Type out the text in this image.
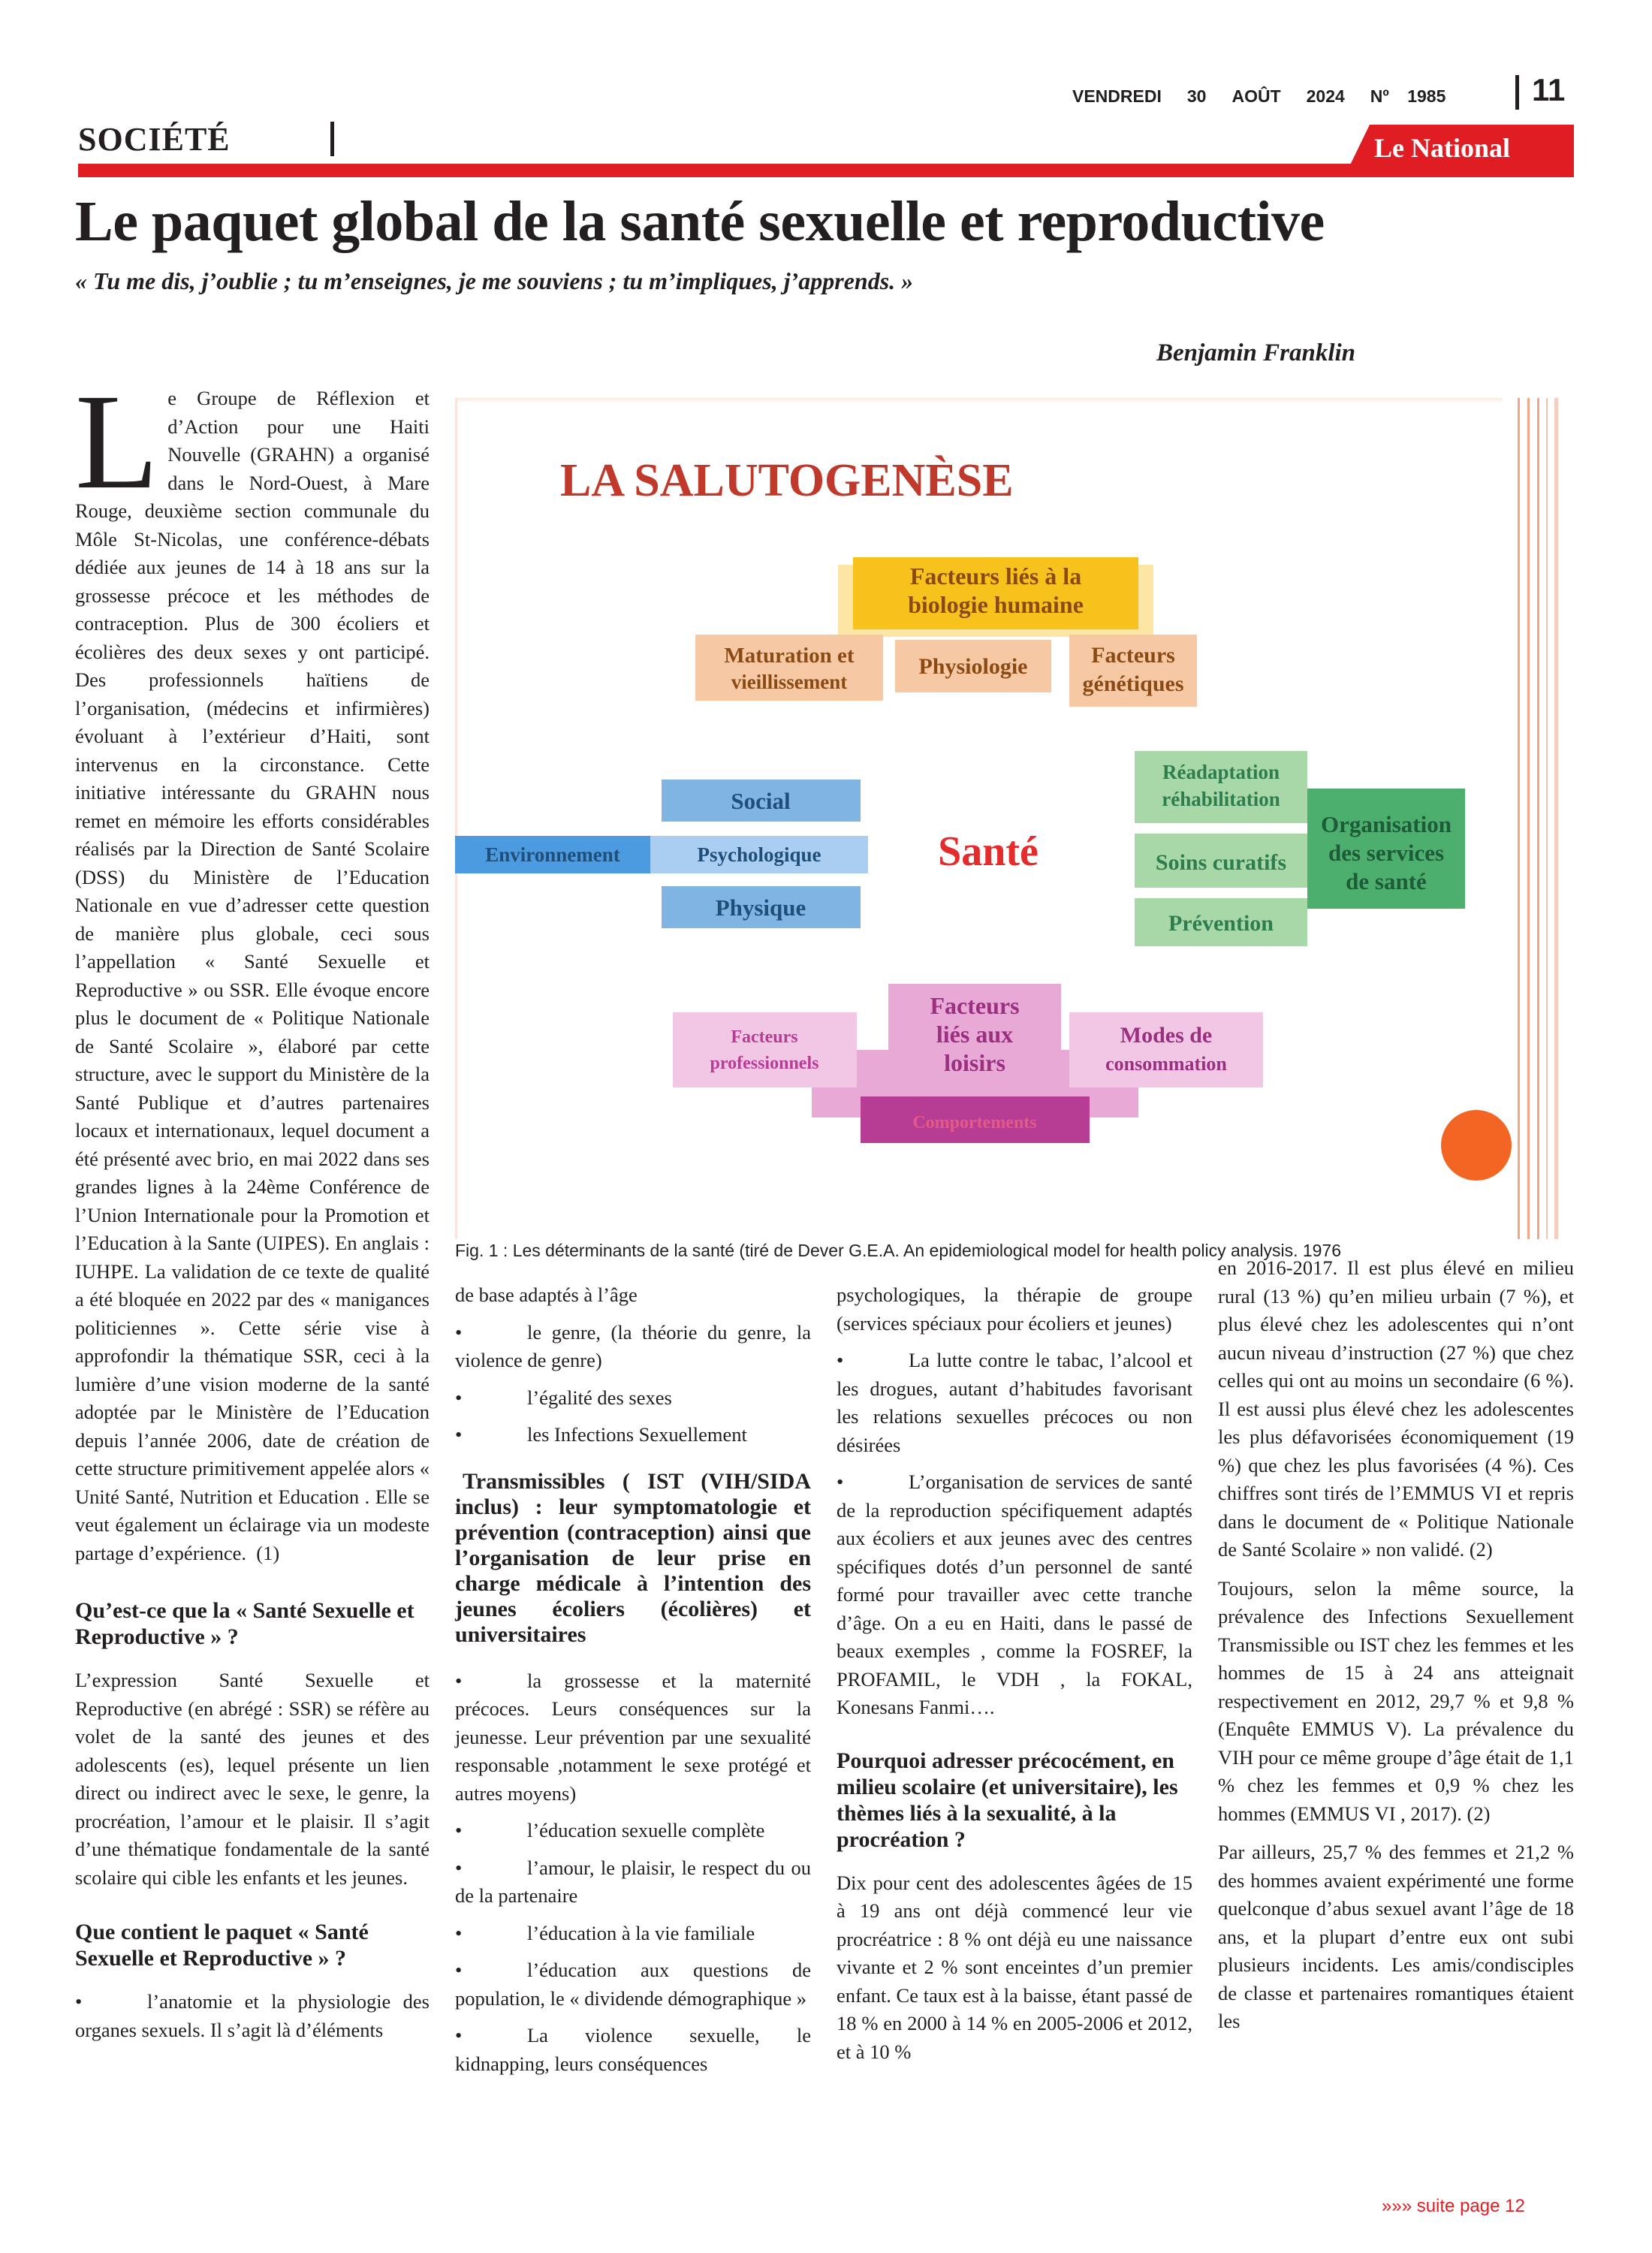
SOCIÉTÉ
VENDREDI 30 AOÛT 2024 Nº 1985	11
Le National
Le paquet global de la santé sexuelle et reproductive
« Tu me dis, j’oublie ; tu m’enseignes, je me souviens ; tu m’impliques, j’apprends. »
Benjamin Franklin

Le Groupe de Réflexion et d’Action pour une Haiti Nouvelle (GRAHN) a organisé dans le Nord-Ouest, à Mare Rouge, deuxième section communale du Môle St-Nicolas, une conférence-débats dédiée aux jeunes de 14 à 18 ans sur la grossesse précoce et les méthodes de contraception. Plus de 300 écoliers et écolières des deux sexes y ont participé. Des professionnels haïtiens de l’organisation, (médecins et infirmières) évoluant à l’extérieur d’Haiti, sont intervenus en la circonstance. Cette initiative intéressante du GRAHN nous remet en mémoire les efforts considérables réalisés par la Direction de Santé Scolaire (DSS) du Ministère de l’Education Nationale en vue d’adresser cette question de manière plus globale, ceci sous l’appellation « Santé Sexuelle et Reproductive » ou SSR. Elle évoque encore plus le document de « Politique Nationale de Santé Scolaire », élaboré par cette structure, avec le support du Ministère de la Santé Publique et d’autres partenaires locaux et internationaux, lequel document a été présenté avec brio, en mai 2022 dans ses grandes lignes à la 24ème Conférence de l’Union Internationale pour la Promotion et l’Education à la Sante (UIPES). En anglais : IUHPE. La validation de ce texte de qualité a été bloquée en 2022 par des « manigances politiciennes ». Cette série vise à approfondir la thématique SSR, ceci à la lumière d’une vision moderne de la santé adoptée par le Ministère de l’Education depuis l’année 2006, date de création de cette structure primitivement appelée alors « Unité Santé, Nutrition et Education . Elle se veut également un éclairage via un modeste partage d’expérience. (1)

Qu’est-ce que la « Santé Sexuelle et Reproductive » ?

L’expression Santé Sexuelle et Reproductive (en abrégé : SSR) se réfère au volet de la santé des jeunes et des adolescents (es), lequel présente un lien direct ou indirect avec le sexe, le genre, la procréation, l’amour et le plaisir. Il s’agit d’une thématique fondamentale de la santé scolaire qui cible les enfants et les jeunes.

Que contient le paquet « Santé Sexuelle et Reproductive » ?

•	l’anatomie et la physiologie des organes sexuels. Il s’agit là d’éléments

LA SALUTOGENÈSE
Facteurs liés à la
biologie humaine
Maturation et
vieillissement
Physiologie	Facteurs
génétiques
Social
Environnement	Psychologique
Physique
Santé
Réadaptation
réhabilitation
Soins curatifs
Prévention
Organisation
des services
de santé
Comportements
Facteurs
professionnels
Facteurs
liés aux
loisirs
Modes de
consommation
Fig. 1 : Les déterminants de la santé (tiré de Dever G.E.A. An epidemiological model for health policy analysis. 1976

de base adaptés à l’âge

•	le genre, (la théorie du genre, la violence de genre)

•	l’égalité des sexes

•	les Infections Sexuellement

Transmissibles ( IST (VIH/SIDA inclus) : leur symptomatologie et prévention (contraception) ainsi que l’organisation de leur prise en charge médicale à l’intention des jeunes écoliers (écolières) et universitaires

•	la grossesse et la maternité précoces. Leurs conséquences sur la jeunesse. Leur prévention par une sexualité responsable ,notamment le sexe protégé et autres moyens)

•	l’éducation sexuelle complète

•	l’amour, le plaisir, le respect du ou de la partenaire

•	l’éducation à la vie familiale

•	l’éducation aux questions de population, le « dividende démographique »

•	La violence sexuelle, le kidnapping, leurs conséquences

psychologiques, la thérapie de groupe (services spéciaux pour écoliers et jeunes)

•	La lutte contre le tabac, l’alcool et les drogues, autant d’habitudes favorisant les relations sexuelles précoces ou non désirées

•	L’organisation de services de santé de la reproduction spécifiquement adaptés aux écoliers et aux jeunes avec des centres spécifiques dotés d’un personnel de santé formé pour travailler avec cette tranche d’âge. On a eu en Haiti, dans le passé de beaux exemples , comme la FOSREF, la PROFAMIL, le VDH , la FOKAL, Konesans Fanmi….

Pourquoi adresser précocément, en milieu scolaire (et universitaire), les thèmes liés à la sexualité, à la procréation ?

Dix pour cent des adolescentes âgées de 15 à 19 ans ont déjà commencé leur vie procréatrice : 8 % ont déjà eu une naissance vivante et 2 % sont enceintes d’un premier enfant. Ce taux est à la baisse, étant passé de 18 % en 2000 à 14 % en 2005-2006 et 2012, et à 10 %

en 2016-2017. Il est plus élevé en milieu rural (13 %) qu’en milieu urbain (7 %), et plus élevé chez les adolescentes qui n’ont aucun niveau d’instruction (27 %) que chez celles qui ont au moins un secondaire (6 %). Il est aussi plus élevé chez les adolescentes les plus défavorisées économiquement (19 %) que chez les plus favorisées (4 %). Ces chiffres sont tirés de l’EMMUS VI et repris dans le document de « Politique Nationale de Santé Scolaire » non validé. (2)

Toujours, selon la même source, la prévalence des Infections Sexuellement Transmissible ou IST chez les femmes et les hommes de 15 à 24 ans atteignait respectivement en 2012, 29,7 % et 9,8 % (Enquête EMMUS V). La prévalence du VIH pour ce même groupe d’âge était de 1,1 % chez les femmes et 0,9 % chez les hommes (EMMUS VI , 2017). (2)

Par ailleurs, 25,7 % des femmes et 21,2 % des hommes avaient expérimenté une forme quelconque d’abus sexuel avant l’âge de 18 ans, et la plupart d’entre eux ont subi plusieurs incidents. Les amis/condisciples de classe et partenaires romantiques étaient les

»»» suite page 12
